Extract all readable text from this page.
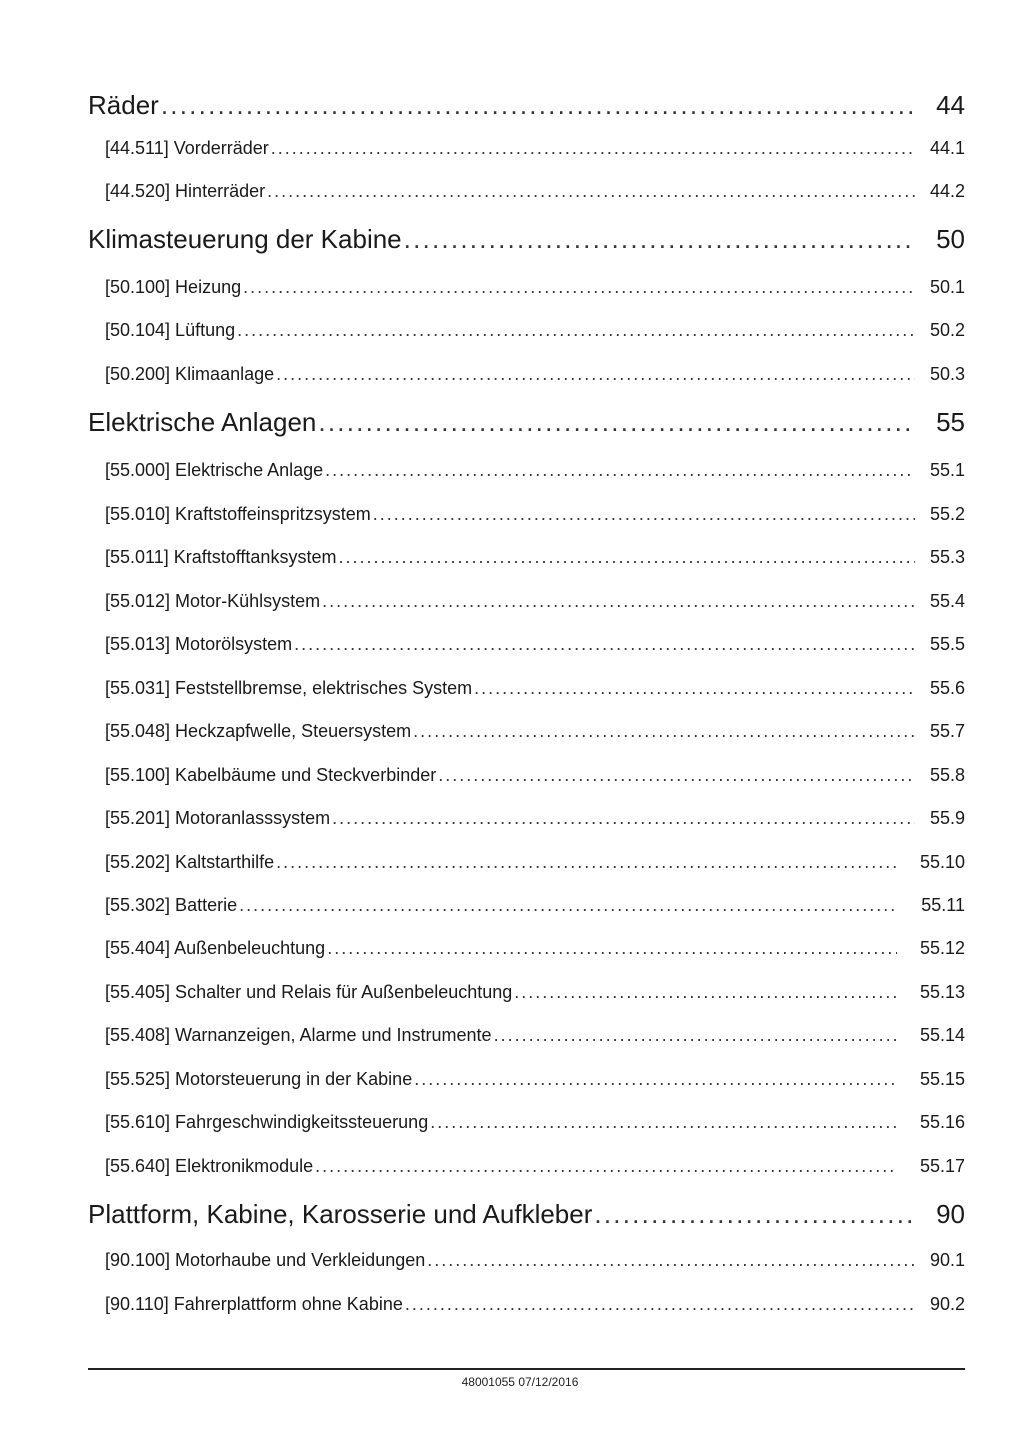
Räder . . .	44
[44.511] Vorderräder . . .	44.1
[44.520] Hinterräder . . .	44.2
Klimasteuerung der Kabine . . .	50
[50.100] Heizung . . .	50.1
[50.104] Lüftung . . .	50.2
[50.200] Klimaanlage . . .	50.3
Elektrische Anlagen . . .	55
[55.000] Elektrische Anlage . . .	55.1
[55.010] Kraftstoffeinspritzsystem . . .	55.2
[55.011] Kraftstofftanksystem . . .	55.3
[55.012] Motor-Kühlsystem . . .	55.4
[55.013] Motorölsystem . . .	55.5
[55.031] Feststellbremse, elektrisches System . . .	55.6
[55.048] Heckzapfwelle, Steuersystem . . .	55.7
[55.100] Kabelbäume und Steckverbinder . . .	55.8
[55.201] Motoranlasssystem . . .	55.9
[55.202] Kaltstarthilfe . . .	55.10
[55.302] Batterie . . .	55.11
[55.404] Außenbeleuchtung . . .	55.12
[55.405] Schalter und Relais für Außenbeleuchtung . . .	55.13
[55.408] Warnanzeigen, Alarme und Instrumente . . .	55.14
[55.525] Motorsteuerung in der Kabine . . .	55.15
[55.610] Fahrgeschwindigkeitssteuerung . . .	55.16
[55.640] Elektronikmodule . . .	55.17
Plattform, Kabine, Karosserie und Aufkleber . . .	90
[90.100] Motorhaube und Verkleidungen . . .	90.1
[90.110] Fahrerplattform ohne Kabine . . .	90.2
48001055 07/12/2016
